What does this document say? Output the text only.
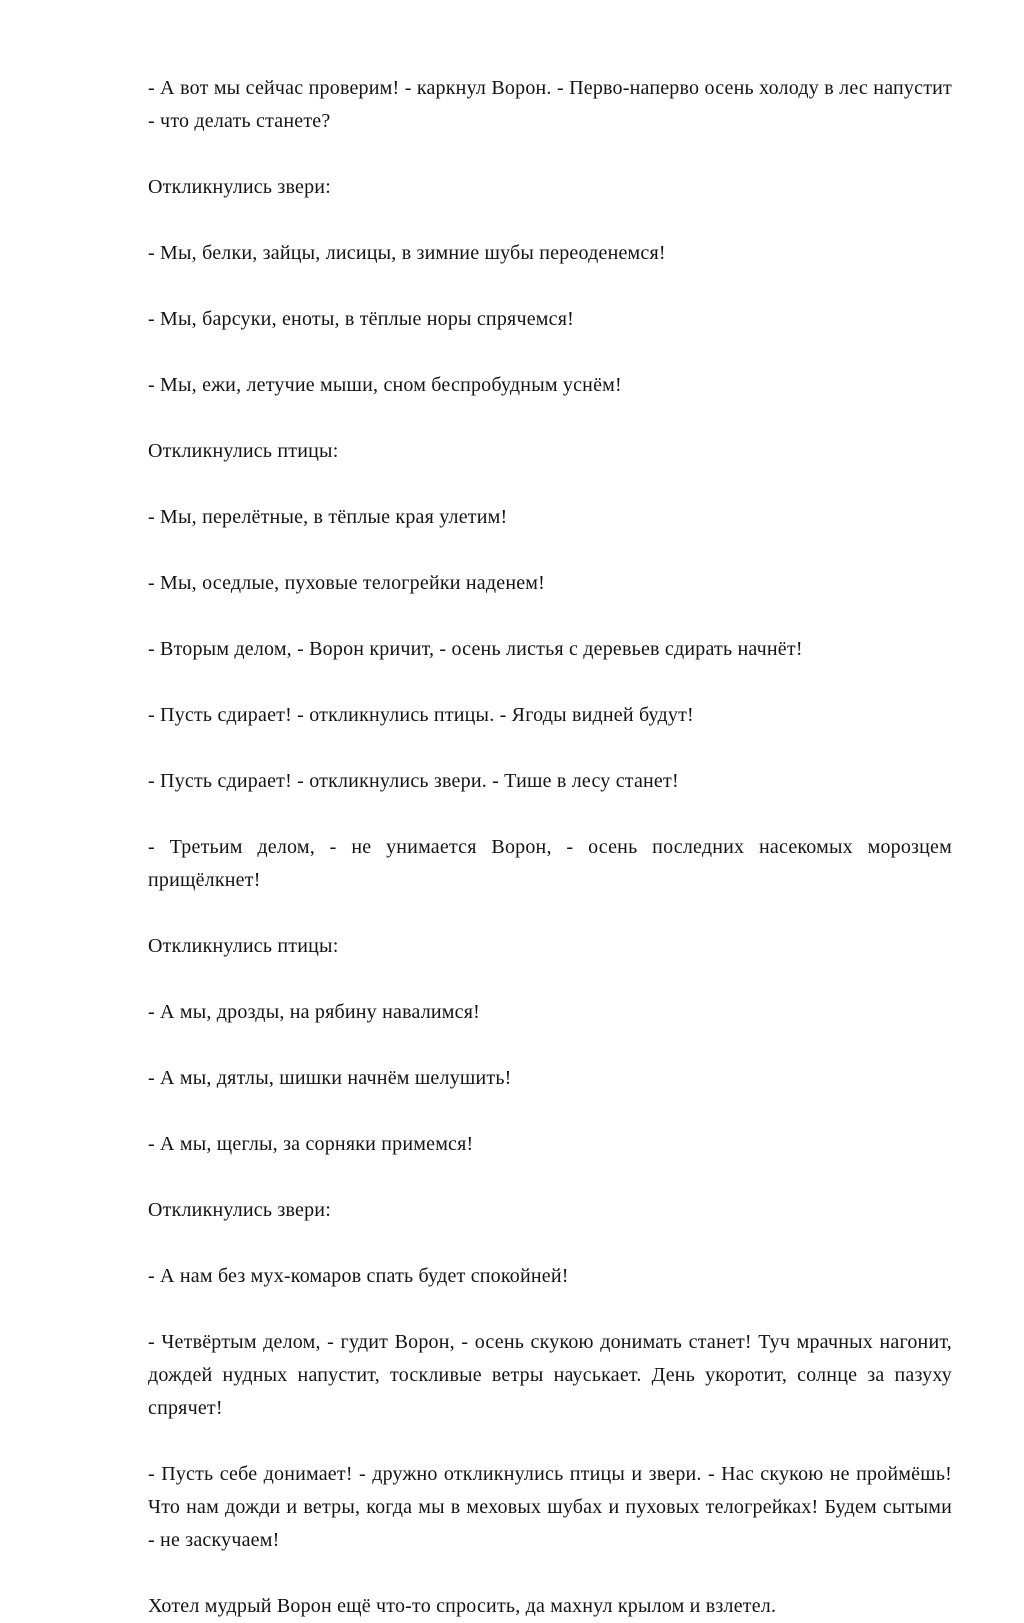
- А вот мы сейчас проверим! - каркнул Ворон. - Перво-наперво осень холоду в лес напустит - что делать станете?

Откликнулись звери:

- Мы, белки, зайцы, лисицы, в зимние шубы переоденемся!

- Мы, барсуки, еноты, в тёплые норы спрячемся!

- Мы, ежи, летучие мыши, сном беспробудным уснём!

Откликнулись птицы:

- Мы, перелётные, в тёплые края улетим!

- Мы, оседлые, пуховые телогрейки наденем!

- Вторым делом, - Ворон кричит, - осень листья с деревьев сдирать начнёт!

- Пусть сдирает! - откликнулись птицы. - Ягоды видней будут!

- Пусть сдирает! - откликнулись звери. - Тише в лесу станет!

- Третьим делом, - не унимается Ворон, - осень последних насекомых морозцем прищёлкнет!

Откликнулись птицы:

- А мы, дрозды, на рябину навалимся!

- А мы, дятлы, шишки начнём шелушить!

- А мы, щеглы, за сорняки примемся!

Откликнулись звери:

- А нам без мух-комаров спать будет спокойней!

- Четвёртым делом, - гудит Ворон, - осень скукою донимать станет! Туч мрачных нагонит, дождей нудных напустит, тоскливые ветры науськает. День укоротит, солнце за пазуху спрячет!

- Пусть себе донимает! - дружно откликнулись птицы и звери. - Нас скукою не проймёшь! Что нам дожди и ветры, когда мы в меховых шубах и пуховых телогрейках! Будем сытыми - не заскучаем!

Хотел мудрый Ворон ещё что-то спросить, да махнул крылом и взлетел.
